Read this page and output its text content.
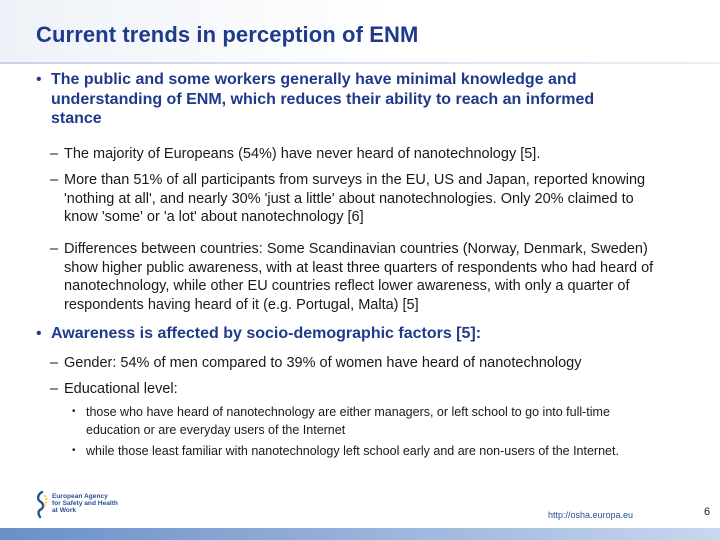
Current trends in perception of ENM
• The public and some workers generally have minimal knowledge and understanding of ENM, which reduces their ability to reach an informed stance
– The majority of Europeans (54%) have never heard of nanotechnology [5].
– More than 51% of all participants from surveys in the EU, US and Japan, reported knowing 'nothing at all', and nearly 30% 'just a little' about nanotechnologies. Only 20% claimed to know 'some' or 'a lot' about nanotechnology [6]
– Differences between countries: Some Scandinavian countries (Norway, Denmark, Sweden) show higher public awareness, with at least three quarters of respondents who had heard of nanotechnology, while other EU countries reflect lower awareness, with only a quarter of respondents having heard of it (e.g. Portugal, Malta) [5]
• Awareness is affected by socio-demographic factors [5]:
– Gender: 54% of men compared to 39% of women have heard of nanotechnology
– Educational level:
• those who have heard of nanotechnology are either managers, or left school to go into full-time education or are everyday users of the Internet
• while those least familiar with nanotechnology left school early and are non-users of the Internet.
European Agency
for Safety and Health
at Work	http://osha.europa.eu	6
